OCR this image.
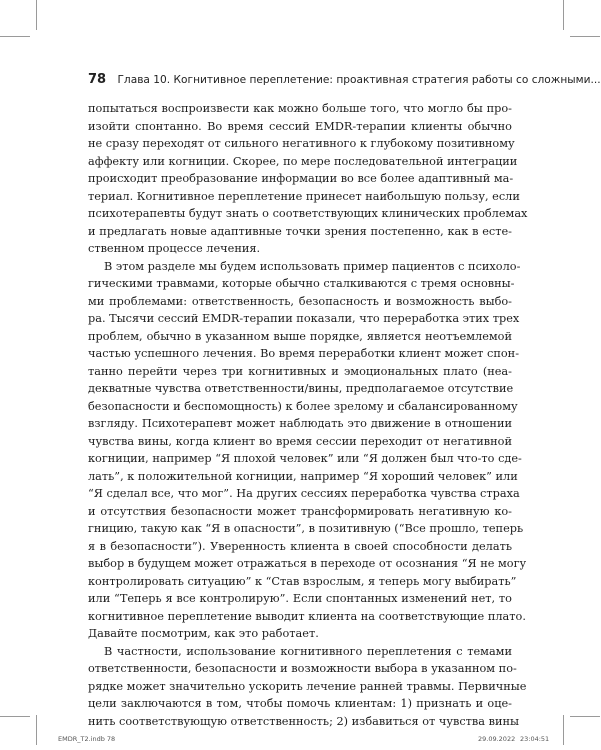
78 Глава 10. Когнитивное переплетение: проактивная стратегия работы со сложными...
попытаться воспроизвести как можно больше того, что могло бы про-
изойти спонтанно. Во время сессий EMDR-терапии клиенты обычно
не сразу переходят от сильного негативного к глубокому позитивному
аффекту или когниции. Скорее, по мере последовательной интеграции
происходит преобразование информации во все более адаптивный ма-
териал. Когнитивное переплетение принесет наибольшую пользу, если
психотерапевты будут знать о соответствующих клинических проблемах
и предлагать новые адаптивные точки зрения постепенно, как в есте-
ственном процессе лечения.
В этом разделе мы будем использовать пример пациентов с психоло-
гическими травмами, которые обычно сталкиваются с тремя основны-
ми проблемами: ответственность, безопасность и возможность выбо-
ра. Тысячи сессий EMDR-терапии показали, что переработка этих трех
проблем, обычно в указанном выше порядке, является неотъемлемой
частью успешного лечения. Во время переработки клиент может спон-
танно перейти через три когнитивных и эмоциональных плато (неа-
декватные чувства ответственности/вины, предполагаемое отсутствие
безопасности и беспомощность) к более зрелому и сбалансированному
взгляду. Психотерапевт может наблюдать это движение в отношении
чувства вины, когда клиент во время сессии переходит от негативной
когниции, например “Я плохой человек” или “Я должен был что-то сде-
лать”, к положительной когниции, например “Я хороший человек” или
“Я сделал все, что мог”. На других сессиях переработка чувства страха
и отсутствия безопасности может трансформировать негативную ко-
гницию, такую как “Я в опасности”, в позитивную (“Все прошло, теперь
я в безопасности”). Уверенность клиента в своей способности делать
выбор в будущем может отражаться в переходе от осознания “Я не могу
контролировать ситуацию” к “Став взрослым, я теперь могу выбирать”
или “Теперь я все контролирую”. Если спонтанных изменений нет, то
когнитивное переплетение выводит клиента на соответствующие плато.
Давайте посмотрим, как это работает.
В частности, использование когнитивного переплетения с темами
ответственности, безопасности и возможности выбора в указанном по-
рядке может значительно ускорить лечение ранней травмы. Первичные
цели заключаются в том, чтобы помочь клиентам: 1) признать и оце-
нить соответствующую ответственность; 2) избавиться от чувства вины
EMDR_T2.indb 78	29.09.2022 23:04:51
